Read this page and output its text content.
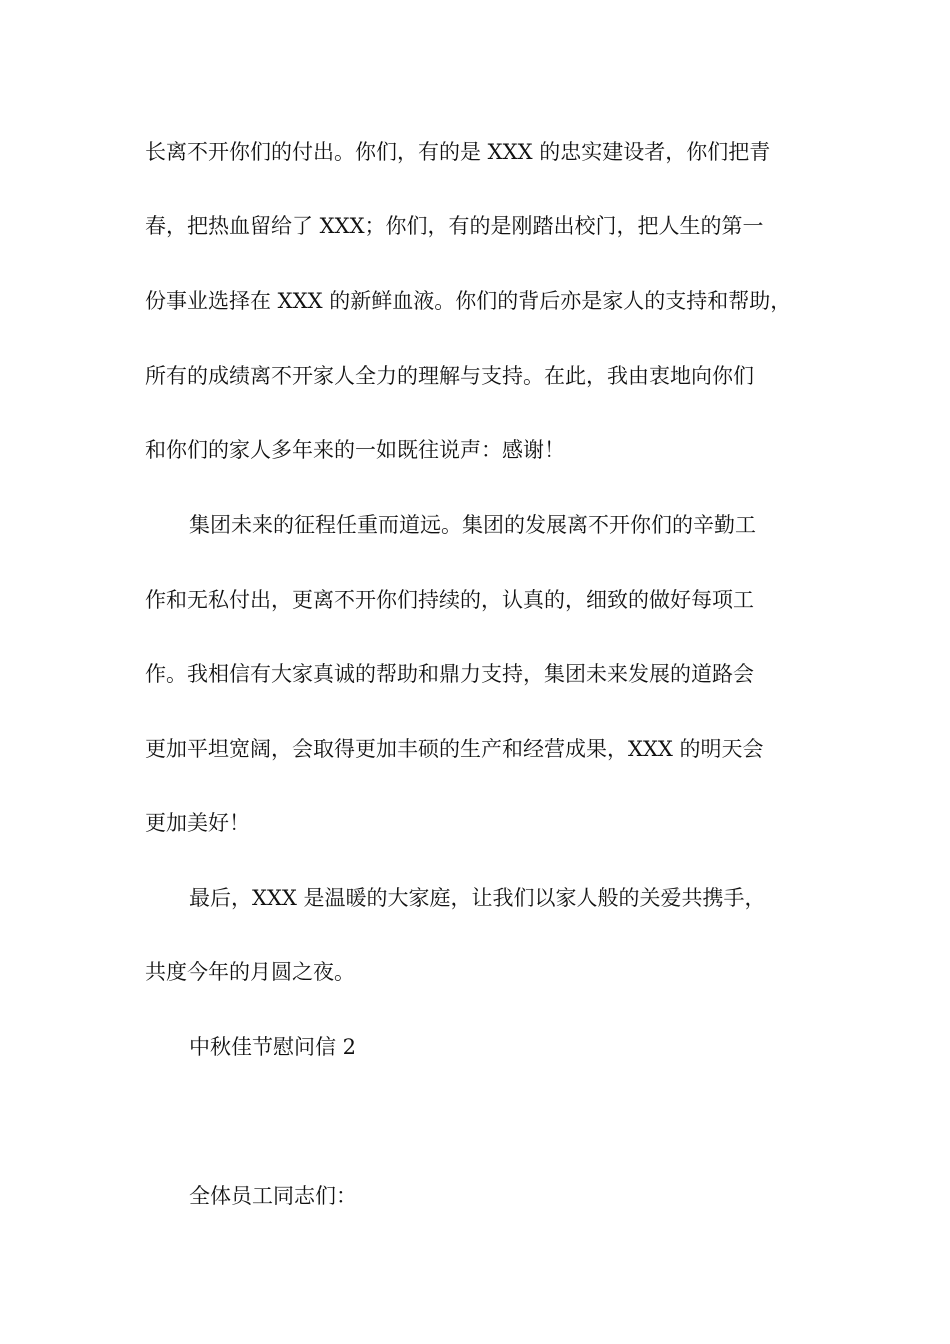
长离不开你们的付出。你们，有的是 XXX 的忠实建设者，你们把青
春，把热血留给了 XXX；你们，有的是刚踏出校门，把人生的第一
份事业选择在 XXX 的新鲜血液。你们的背后亦是家人的支持和帮助，
所有的成绩离不开家人全力的理解与支持。在此，我由衷地向你们
和你们的家人多年来的一如既往说声：感谢！
集团未来的征程任重而道远。集团的发展离不开你们的辛勤工
作和无私付出，更离不开你们持续的，认真的，细致的做好每项工
作。我相信有大家真诚的帮助和鼎力支持，集团未来发展的道路会
更加平坦宽阔，会取得更加丰硕的生产和经营成果，XXX 的明天会
更加美好！
最后，XXX 是温暖的大家庭，让我们以家人般的关爱共携手，
共度今年的月圆之夜。
中秋佳节慰问信 2
全体员工同志们：
